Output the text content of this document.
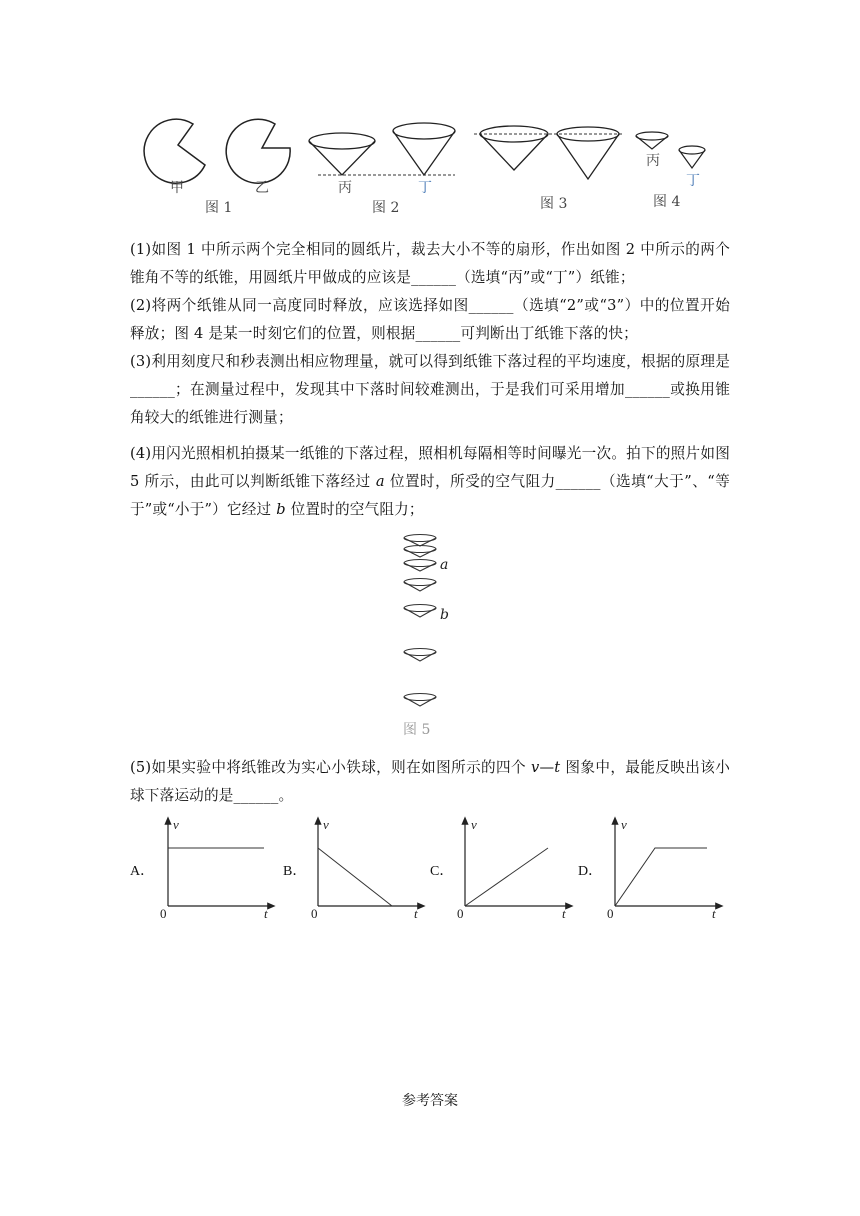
甲	乙
图 1
丙	丁
图 2	图 3
丙
丁
图 4

(1)如图 1 中所示两个完全相同的圆纸片，裁去大小不等的扇形，作出如图 2 中所示的两个锥角不等的纸锥，用圆纸片甲做成的应该是______（选填“丙”或“丁”）纸锥；

(2)将两个纸锥从同一高度同时释放，应该选择如图______（选填“2”或“3”）中的位置开始释放；图 4 是某一时刻它们的位置，则根据______可判断出丁纸锥下落的快；

(3)利用刻度尺和秒表测出相应物理量，就可以得到纸锥下落过程的平均速度，根据的原理是______；在测量过程中，发现其中下落时间较难测出，于是我们可采用增加______或换用锥角较大的纸锥进行测量；

(4)用闪光照相机拍摄某一纸锥的下落过程，照相机每隔相等时间曝光一次。拍下的照片如图 5 所示，由此可以判断纸锥下落经过 a 位置时，所受的空气阻力______（选填“大于”、“等于”或“小于”）它经过 b 位置时的空气阻力；

a
b
图 5

(5)如果实验中将纸锥改为实心小铁球，则在如图所示的四个 v—t 图象中，最能反映出该小球下落运动的是______。

A．	B．	C．	D．
v
t
0
v
t
0
v
t
0
v
t
0
参考答案
